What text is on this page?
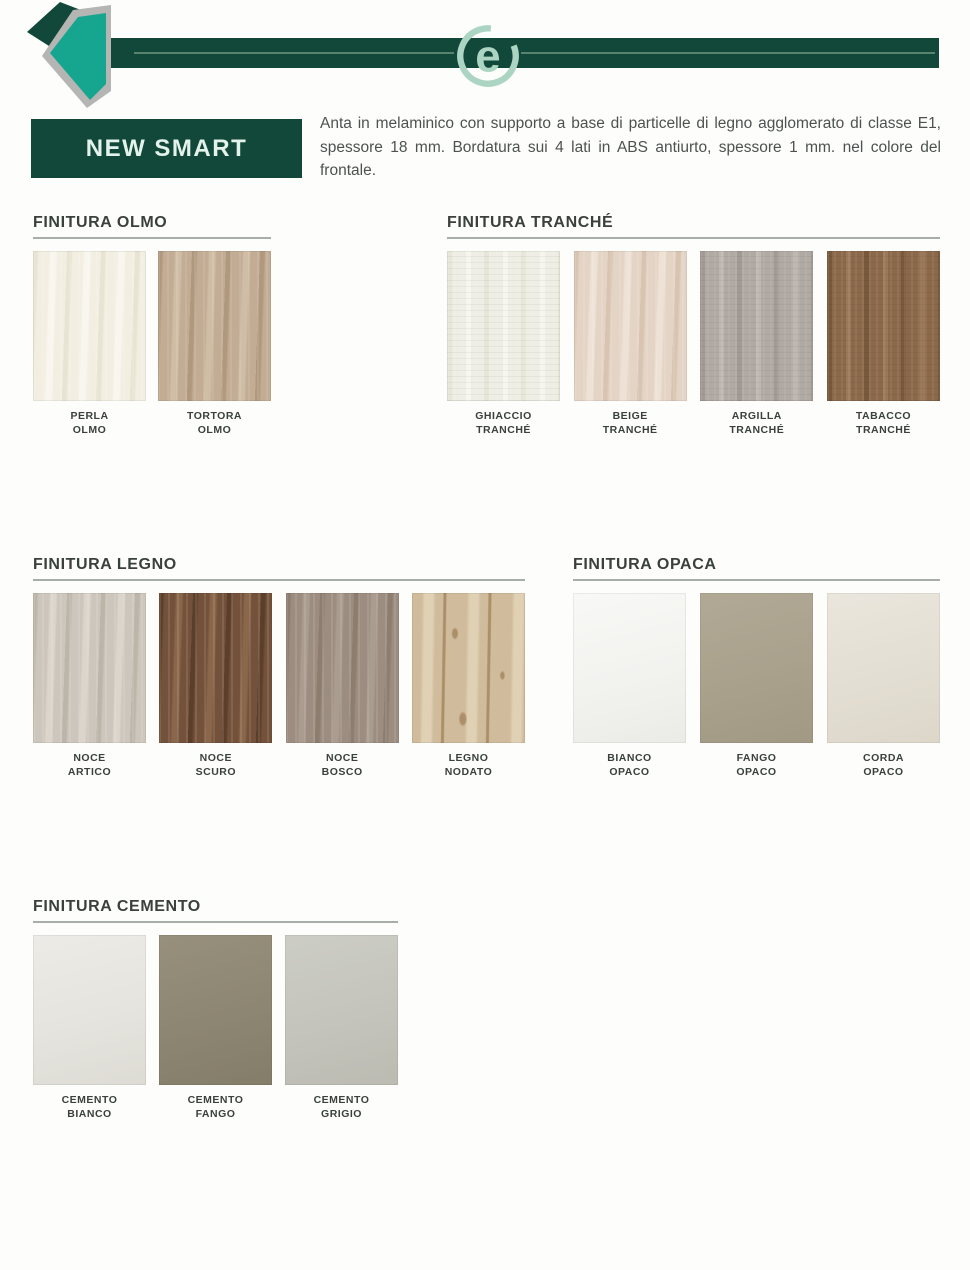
e
NEW SMART

Anta in melaminico con supporto a base di particelle di legno agglomerato di classe E1, spessore 18 mm. Bordatura sui 4 lati in ABS antiurto, spessore 1 mm. nel colore del frontale.

FINITURA OLMO
PERLA
OLMO
TORTORA
OLMO
FINITURA TRANCHÉ
GHIACCIO
TRANCHÉ
BEIGE
TRANCHÉ
ARGILLA
TRANCHÉ
TABACCO
TRANCHÉ
FINITURA LEGNO
NOCE
ARTICO
NOCE
SCURO
NOCE
BOSCO
LEGNO
NODATO
FINITURA OPACA
BIANCO
OPACO
FANGO
OPACO
CORDA
OPACO
FINITURA CEMENTO
CEMENTO
BIANCO
CEMENTO
FANGO
CEMENTO
GRIGIO
